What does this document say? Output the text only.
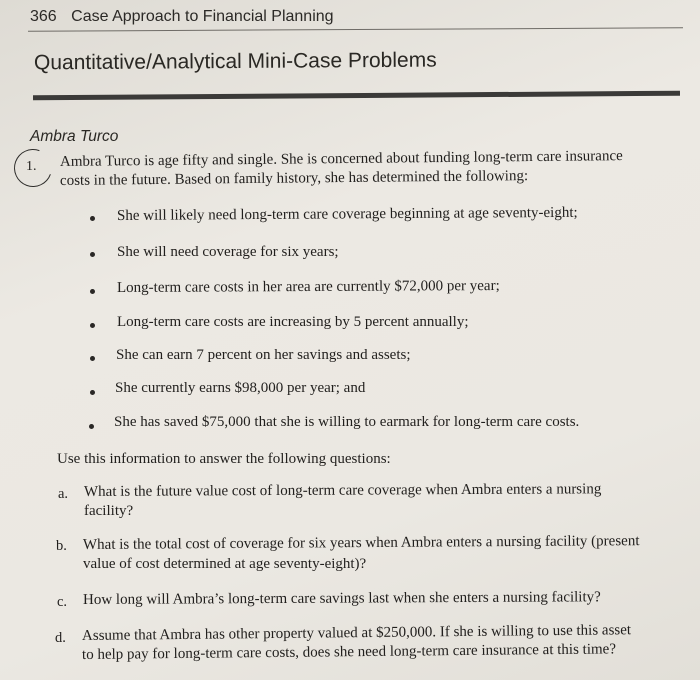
366 Case Approach to Financial Planning
Quantitative/Analytical Mini-Case Problems
Ambra Turco
1. Ambra Turco is age fifty and single. She is concerned about funding long-term care insurance
costs in the future. Based on family history, she has determined the following:
She will likely need long-term care coverage beginning at age seventy-eight;
She will need coverage for six years;
Long-term care costs in her area are currently $72,000 per year;
Long-term care costs are increasing by 5 percent annually;
She can earn 7 percent on her savings and assets;
She currently earns $98,000 per year; and
She has saved $75,000 that she is willing to earmark for long-term care costs.
Use this information to answer the following questions:
a. What is the future value cost of long-term care coverage when Ambra enters a nursing
facility?
b. What is the total cost of coverage for six years when Ambra enters a nursing facility (present
value of cost determined at age seventy-eight)?
c. How long will Ambra’s long-term care savings last when she enters a nursing facility?
d. Assume that Ambra has other property valued at $250,000. If she is willing to use this asset
to help pay for long-term care costs, does she need long-term care insurance at this time?
